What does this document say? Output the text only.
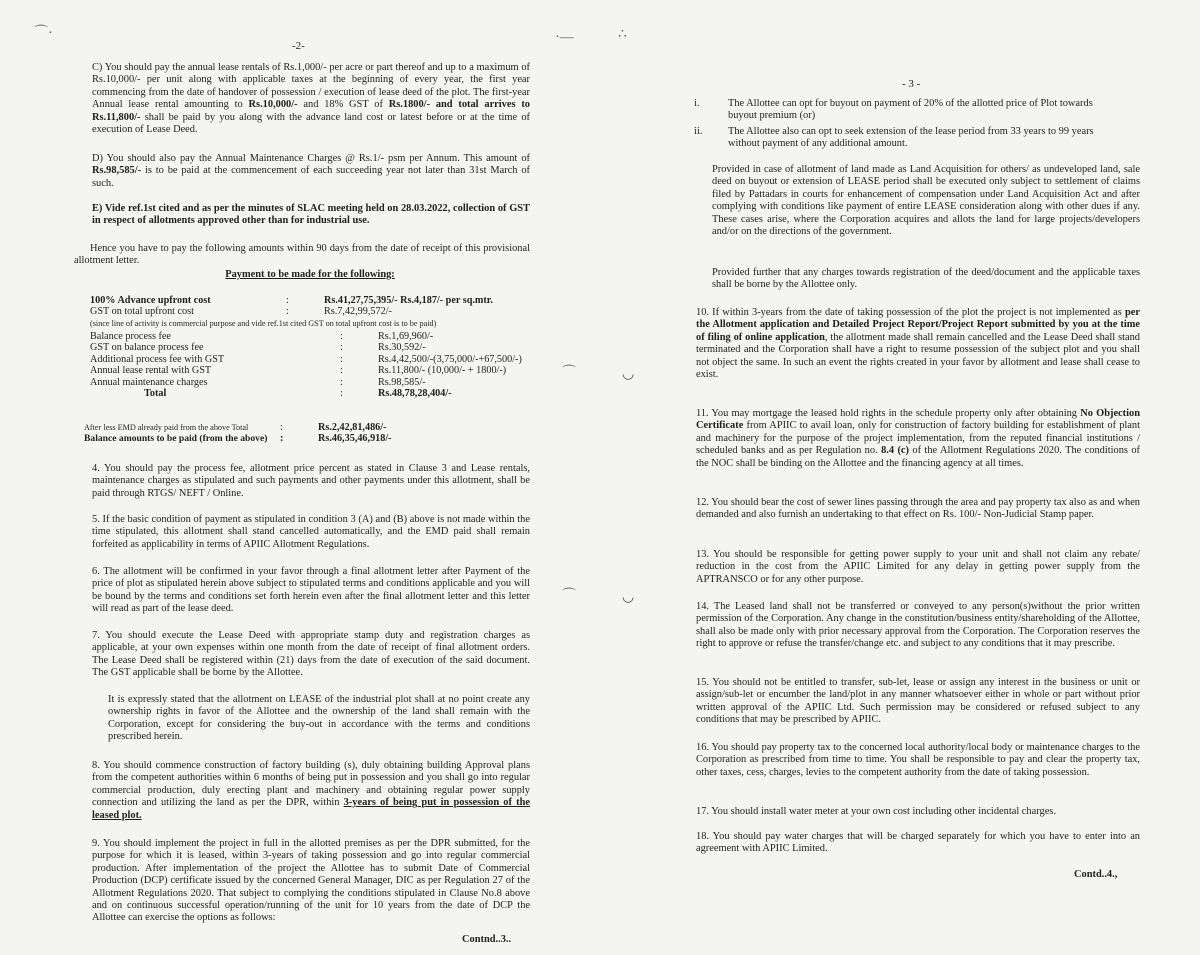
-2-
C) You should pay the annual lease rentals of Rs.1,000/- per acre or part thereof and up to a maximum of Rs.10,000/- per unit along with applicable taxes at the beginning of every year, the first year commencing from the date of handover of possession / execution of lease deed of the plot. The first-year Annual lease rental amounting to Rs.10,000/- and 18% GST of Rs.1800/- and total arrives to Rs.11,800/- shall be paid by you along with the advance land cost or latest before or at the time of execution of Lease Deed.
D) You should also pay the Annual Maintenance Charges @ Rs.1/- psm per Annum. This amount of Rs.98,585/- is to be paid at the commencement of each succeeding year not later than 31st March of such.
E) Vide ref.1st cited and as per the minutes of SLAC meeting held on 28.03.2022, collection of GST in respect of allotments approved other than for industrial use.
Hence you have to pay the following amounts within 90 days from the date of receipt of this provisional allotment letter.
Payment to be made for the following:
100% Advance upfront cost	:	Rs.41,27,75,395/- Rs.4,187/- per sq.mtr.
GST on total upfront cost	:	Rs.7,42,99,572/-
(since line of activity is commercial purpose and vide ref.1st cited GST on total upfront cost is to be paid)
Balance process fee	:	Rs.1,69,960/-
GST on balance process fee	:	Rs.30,592/-
Additional process fee with GST	:	Rs.4,42,500/-(3,75,000/-+67,500/-)
Annual lease rental with GST	:	Rs.11,800/- (10,000/- + 1800/-)
Annual maintenance charges	:	Rs.98,585/-
Total	:	Rs.48,78,28,404/-
After less EMD already paid from the above Total	:	Rs.2,42,81,486/-
Balance amounts to be paid (from the above)	:	Rs.46,35,46,918/-
4. You should pay the process fee, allotment price percent as stated in Clause 3 and Lease rentals, maintenance charges as stipulated and such payments and other payments under this allotment, shall be paid through RTGS/ NEFT / Online.
5. If the basic condition of payment as stipulated in condition 3 (A) and (B) above is not made within the time stipulated, this allotment shall stand cancelled automatically, and the EMD paid shall remain forfeited as applicability in terms of APIIC Allotment Regulations.
6. The allotment will be confirmed in your favor through a final allotment letter after Payment of the price of plot as stipulated herein above subject to stipulated terms and conditions applicable and you will be bound by the terms and conditions set forth herein even after the final allotment letter and this letter will read as part of the lease deed.
7. You should execute the Lease Deed with appropriate stamp duty and registration charges as applicable, at your own expenses within one month from the date of receipt of final allotment orders. The Lease Deed shall be registered within (21) days from the date of execution of the said document. The GST applicable shall be borne by the Allottee.
It is expressly stated that the allotment on LEASE of the industrial plot shall at no point create any ownership rights in favor of the Allottee and the ownership of the land shall remain with the Corporation, except for considering the buy-out in accordance with the terms and conditions prescribed herein.
8. You should commence construction of factory building (s), duly obtaining building Approval plans from the competent authorities within 6 months of being put in possession and you shall go into regular commercial production, duly erecting plant and machinery and obtaining regular power supply connection and utilizing the land as per the DPR, within 3-years of being put in possession of the leased plot.
9. You should implement the project in full in the allotted premises as per the DPR submitted, for the purpose for which it is leased, within 3-years of taking possession and go into regular commercial production. After implementation of the project the Allottee has to submit Date of Commercial Production (DCP) certificate issued by the concerned General Manager, DIC as per Regulation 27 of the Allotment Regulations 2020. That subject to complying the conditions stipulated in Clause No.8 above and on continuous successful operation/running of the unit for 10 years from the date of DCP the Allottee can exercise the options as follows:
Contnd..3..
- 3 -
i.	The Allottee can opt for buyout on payment of 20% of the allotted price of Plot towards buyout premium (or)
ii.	The Allottee also can opt to seek extension of the lease period from 33 years to 99 years without payment of any additional amount.
Provided in case of allotment of land made as Land Acquisition for others/ as undeveloped land, sale deed on buyout or extension of LEASE period shall be executed only subject to settlement of claims filed by Pattadars in courts for enhancement of compensation under Land Acquisition Act and after complying with conditions like payment of entire LEASE consideration along with other dues if any. These cases arise, where the Corporation acquires and allots the land for large projects/developers and/or on the directions of the government.
Provided further that any charges towards registration of the deed/document and the applicable taxes shall be borne by the Allottee only.
10. If within 3-years from the date of taking possession of the plot the project is not implemented as per the Allotment application and Detailed Project Report/Project Report submitted by you at the time of filing of online application, the allotment made shall remain cancelled and the Lease Deed shall stand terminated and the Corporation shall have a right to resume possession of the subject plot and you shall not object the same. In such an event the rights created in your favor by allotment and lease shall cease to exist.
11. You may mortgage the leased hold rights in the schedule property only after obtaining No Objection Certificate from APIIC to avail loan, only for construction of factory building for establishment of plant and machinery for the purpose of the project implementation, from the reputed financial institutions / scheduled banks and as per Regulation no. 8.4 (c) of the Allotment Regulations 2020. The conditions of the NOC shall be binding on the Allottee and the financing agency at all times.
12. You should bear the cost of sewer lines passing through the area and pay property tax also as and when demanded and also furnish an undertaking to that effect on Rs. 100/- Non-Judicial Stamp paper.
13. You should be responsible for getting power supply to your unit and shall not claim any rebate/ reduction in the cost from the APIIC Limited for any delay in getting power supply from the APTRANSCO or for any other purpose.
14. The Leased land shall not be transferred or conveyed to any person(s)without the prior written permission of the Corporation. Any change in the constitution/business entity/shareholding of the Allottee, shall also be made only with prior necessary approval from the Corporation. The Corporation reserves the right to approve or refuse the transfer/change etc. and subject to any conditions that it may prescribe.
15. You should not be entitled to transfer, sub-let, lease or assign any interest in the business or unit or assign/sub-let or encumber the land/plot in any manner whatsoever either in whole or part without prior written approval of the APIIC Ltd. Such permission may be considered or refused subject to any conditions that may be prescribed by APIIC.
16. You should pay property tax to the concerned local authority/local body or maintenance charges to the Corporation as prescribed from time to time. You shall be responsible to pay and clear the property tax, other taxes, cess, charges, levies to the competent authority from the date of taking possession.
17. You should install water meter at your own cost including other incidental charges.
18. You should pay water charges that will be charged separately for which you have to enter into an agreement with APIIC Limited.
Contd..4.,
⌒·	·—	∴
⌒	◡
⌒	◡
